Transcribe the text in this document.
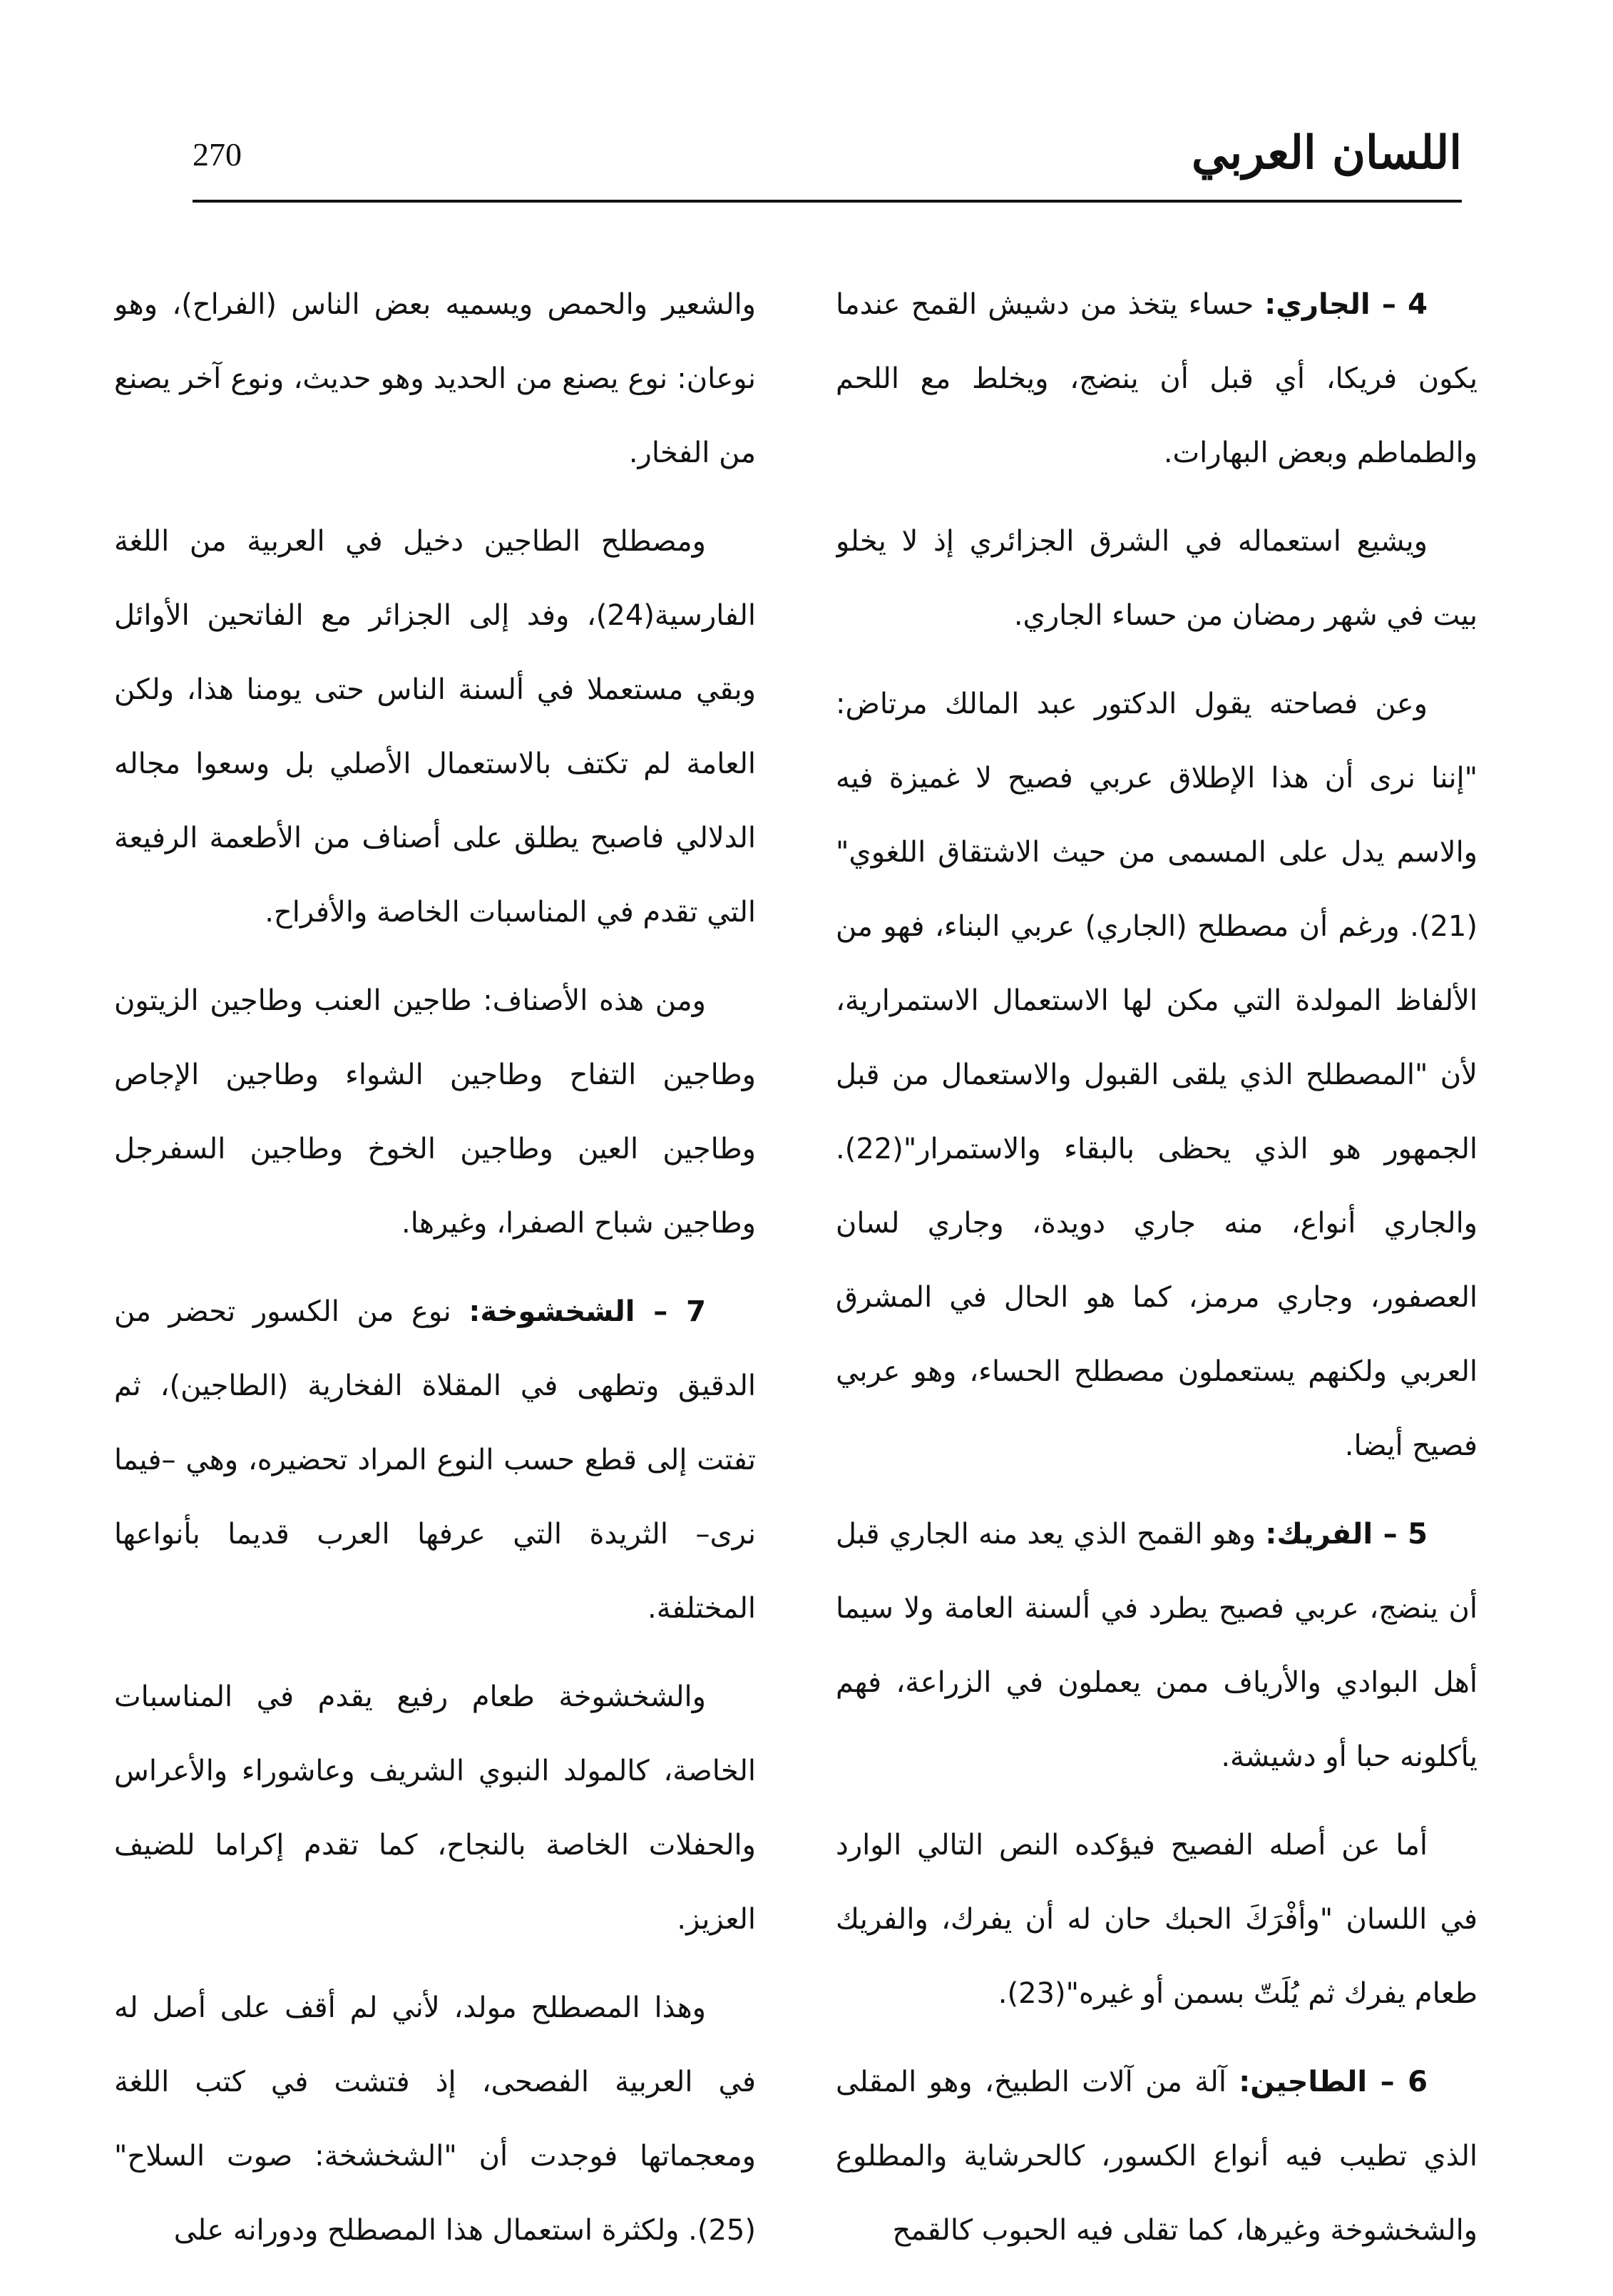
اللسان العربي
270

4 – الجاري: حساء يتخذ من دشيش القمح عندما يكون فريكا، أي قبل أن ينضج، ويخلط مع اللحم والطماطم وبعض البهارات.

ويشيع استعماله في الشرق الجزائري إذ لا يخلو بيت في شهر رمضان من حساء الجاري.

وعن فصاحته يقول الدكتور عبد المالك مرتاض: "إننا نرى أن هذا الإطلاق عربي فصيح لا غميزة فيه والاسم يدل على المسمى من حيث الاشتقاق اللغوي"(21). ورغم أن مصطلح (الجاري) عربي البناء، فهو من الألفاظ المولدة التي مكن لها الاستعمال الاستمرارية، لأن "المصطلح الذي يلقى القبول والاستعمال من قبل الجمهور هو الذي يحظى بالبقاء والاستمرار"(22). والجاري أنواع، منه جاري دويدة، وجاري لسان العصفور، وجاري مرمز، كما هو الحال في المشرق العربي ولكنهم يستعملون مصطلح الحساء، وهو عربي فصيح أيضا.

5 – الفريك: وهو القمح الذي يعد منه الجاري قبل أن ينضج، عربي فصيح يطرد في ألسنة العامة ولا سيما أهل البوادي والأرياف ممن يعملون في الزراعة، فهم يأكلونه حبا أو دشيشة.

أما عن أصله الفصيح فيؤكده النص التالي الوارد في اللسان "وأفْرَكَ الحبك حان له أن يفرك، والفريك طعام يفرك ثم يُلَتّ بسمن أو غيره"(23).

6 – الطاجين: آلة من آلات الطبيخ، وهو المقلى الذي تطيب فيه أنواع الكسور، كالحرشاية والمطلوع والشخشوخة وغيرها، كما تقلى فيه الحبوب كالقمح

والشعير والحمص ويسميه بعض الناس (الفراح)، وهو نوعان: نوع يصنع من الحديد وهو حديث، ونوع آخر يصنع من الفخار.

ومصطلح الطاجين دخيل في العربية من اللغة الفارسية(24)، وفد إلى الجزائر مع الفاتحين الأوائل وبقي مستعملا في ألسنة الناس حتى يومنا هذا، ولكن العامة لم تكتف بالاستعمال الأصلي بل وسعوا مجاله الدلالي فاصبح يطلق على أصناف من الأطعمة الرفيعة التي تقدم في المناسبات الخاصة والأفراح.

ومن هذه الأصناف: طاجين العنب وطاجين الزيتون وطاجين التفاح وطاجين الشواء وطاجين الإجاص وطاجين العين وطاجين الخوخ وطاجين السفرجل وطاجين شباح الصفرا، وغيرها.

7 – الشخشوخة: نوع من الكسور تحضر من الدقيق وتطهى في المقلاة الفخارية (الطاجين)، ثم تفتت إلى قطع حسب النوع المراد تحضيره، وهي –فيما نرى– الثريدة التي عرفها العرب قديما بأنواعها المختلفة.

والشخشوخة طعام رفيع يقدم في المناسبات الخاصة، كالمولد النبوي الشريف وعاشوراء والأعراس والحفلات الخاصة بالنجاح، كما تقدم إكراما للضيف العزيز.

وهذا المصطلح مولد، لأني لم أقف على أصل له في العربية الفصحى، إذ فتشت في كتب اللغة ومعجماتها فوجدت أن "الشخشخة: صوت السلاح"(25). ولكثرة استعمال هذا المصطلح ودورانه على
